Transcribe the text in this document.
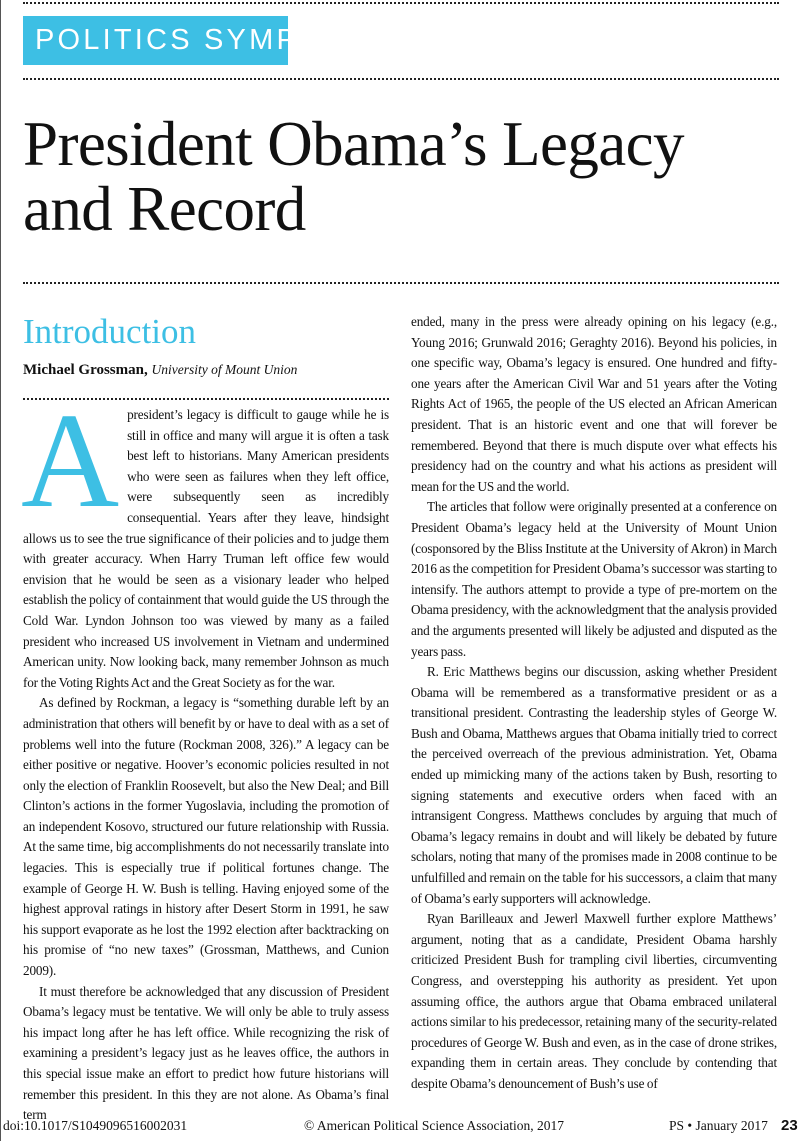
POLITICS SYMPOSIUM
President Obama’s Legacy
and Record
Introduction
Michael Grossman, University of Mount Union
A president’s legacy is difficult to gauge while he is still in office and many will argue it is often a task best left to historians. Many American presidents who were seen as failures when they left office, were subsequently seen as incredibly consequential. Years after they leave, hindsight allows us to see the true significance of their policies and to judge them with greater accuracy. When Harry Truman left office few would envision that he would be seen as a visionary leader who helped establish the policy of containment that would guide the US through the Cold War. Lyndon Johnson too was viewed by many as a failed president who increased US involvement in Vietnam and undermined American unity. Now looking back, many remember Johnson as much for the Voting Rights Act and the Great Society as for the war.

As defined by Rockman, a legacy is “something durable left by an administration that others will benefit by or have to deal with as a set of problems well into the future (Rockman 2008, 326).” A legacy can be either positive or negative. Hoover’s economic policies resulted in not only the election of Franklin Roosevelt, but also the New Deal; and Bill Clinton’s actions in the former Yugoslavia, including the promotion of an independent Kosovo, structured our future relationship with Russia. At the same time, big accomplishments do not necessarily translate into legacies. This is especially true if political fortunes change. The example of George H. W. Bush is telling. Having enjoyed some of the highest approval ratings in history after Desert Storm in 1991, he saw his support evaporate as he lost the 1992 election after backtracking on his promise of “no new taxes” (Grossman, Matthews, and Cunion 2009).

It must therefore be acknowledged that any discussion of President Obama’s legacy must be tentative. We will only be able to truly assess his impact long after he has left office. While recognizing the risk of examining a president’s legacy just as he leaves office, the authors in this special issue make an effort to predict how future historians will remember this president. In this they are not alone. As Obama’s final term

ended, many in the press were already opining on his legacy (e.g., Young 2016; Grunwald 2016; Geraghty 2016). Beyond his policies, in one specific way, Obama’s legacy is ensured. One hundred and fifty-one years after the American Civil War and 51 years after the Voting Rights Act of 1965, the people of the US elected an African American president. That is an historic event and one that will forever be remembered. Beyond that there is much dispute over what effects his presidency had on the country and what his actions as president will mean for the US and the world.

The articles that follow were originally presented at a conference on President Obama’s legacy held at the University of Mount Union (cosponsored by the Bliss Institute at the University of Akron) in March 2016 as the competition for President Obama’s successor was starting to intensify. The authors attempt to provide a type of pre-mortem on the Obama presidency, with the acknowledgment that the analysis provided and the arguments presented will likely be adjusted and disputed as the years pass.

R. Eric Matthews begins our discussion, asking whether President Obama will be remembered as a transformative president or as a transitional president. Contrasting the leadership styles of George W. Bush and Obama, Matthews argues that Obama initially tried to correct the perceived overreach of the previous administration. Yet, Obama ended up mimicking many of the actions taken by Bush, resorting to signing statements and executive orders when faced with an intransigent Congress. Matthews concludes by arguing that much of Obama’s legacy remains in doubt and will likely be debated by future scholars, noting that many of the promises made in 2008 continue to be unfulfilled and remain on the table for his successors, a claim that many of Obama’s early supporters will acknowledge.

Ryan Barilleaux and Jewerl Maxwell further explore Matthews’ argument, noting that as a candidate, President Obama harshly criticized President Bush for trampling civil liberties, circumventing Congress, and overstepping his authority as president. Yet upon assuming office, the authors argue that Obama embraced unilateral actions similar to his predecessor, retaining many of the security-related procedures of George W. Bush and even, as in the case of drone strikes, expanding them in certain areas. They conclude by contending that despite Obama’s denouncement of Bush’s use of

doi:10.1017/S1049096516002031	© American Political Science Association, 2017	PS • January 2017 23
